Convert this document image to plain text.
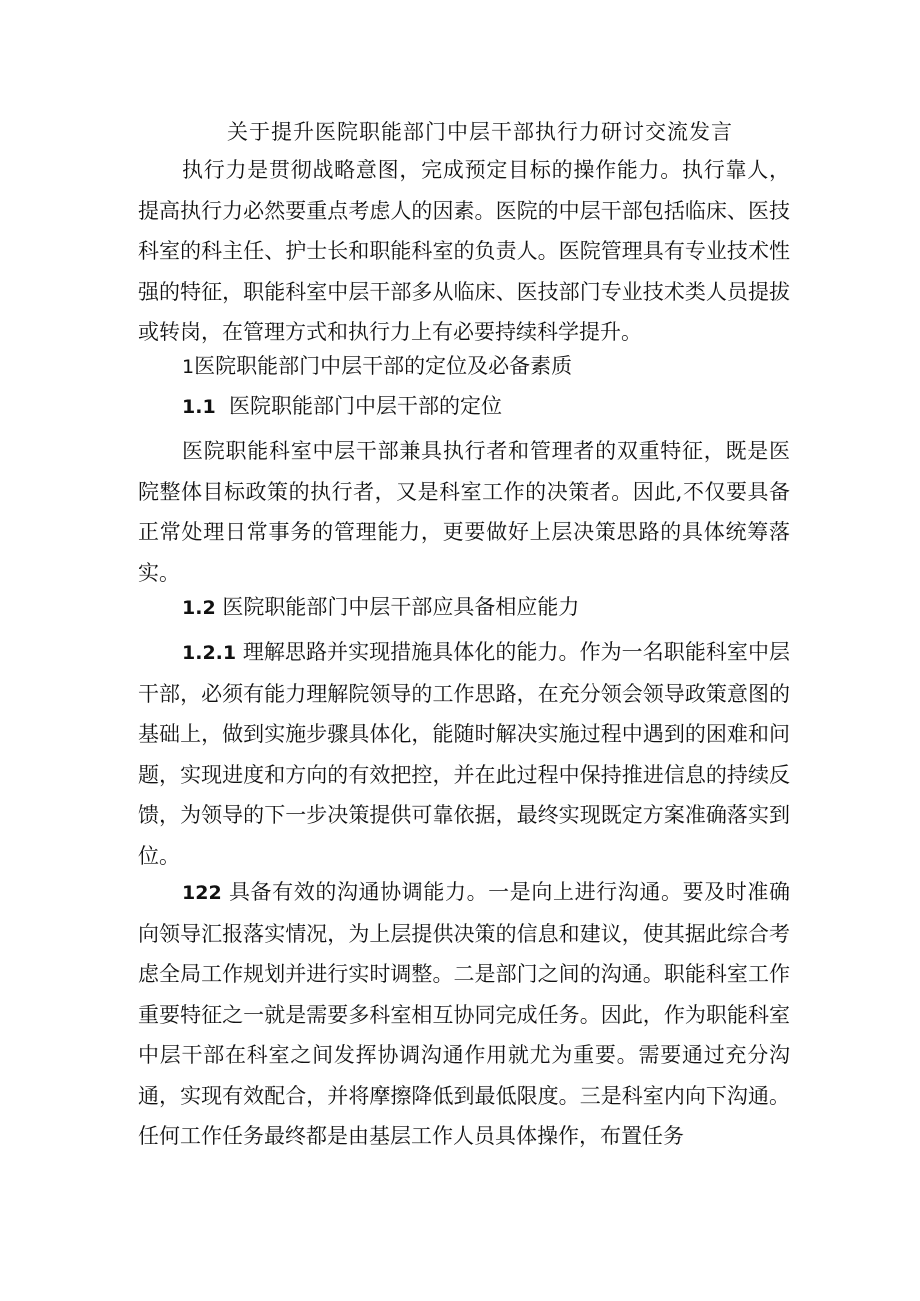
关于提升医院职能部门中层干部执行力研讨交流发言

执行力是贯彻战略意图，完成预定目标的操作能力。执行靠人，提高执行力必然要重点考虑人的因素。医院的中层干部包括临床、医技科室的科主任、护士长和职能科室的负责人。医院管理具有专业技术性强的特征，职能科室中层干部多从临床、医技部门专业技术类人员提拔或转岗，在管理方式和执行力上有必要持续科学提升。

1医院职能部门中层干部的定位及必备素质

1.1 医院职能部门中层干部的定位

医院职能科室中层干部兼具执行者和管理者的双重特征，既是医院整体目标政策的执行者，又是科室工作的决策者。因此,不仅要具备正常处理日常事务的管理能力，更要做好上层决策思路的具体统筹落实。

1.2 医院职能部门中层干部应具备相应能力

1.2.1 理解思路并实现措施具体化的能力。作为一名职能科室中层干部，必须有能力理解院领导的工作思路，在充分领会领导政策意图的基础上，做到实施步骤具体化，能随时解决实施过程中遇到的困难和问题，实现进度和方向的有效把控，并在此过程中保持推进信息的持续反馈，为领导的下一步决策提供可靠依据，最终实现既定方案准确落实到位。

122 具备有效的沟通协调能力。一是向上进行沟通。要及时准确向领导汇报落实情况，为上层提供决策的信息和建议，使其据此综合考虑全局工作规划并进行实时调整。二是部门之间的沟通。职能科室工作重要特征之一就是需要多科室相互协同完成任务。因此，作为职能科室中层干部在科室之间发挥协调沟通作用就尤为重要。需要通过充分沟通，实现有效配合，并将摩擦降低到最低限度。三是科室内向下沟通。任何工作任务最终都是由基层工作人员具体操作，布置任务
